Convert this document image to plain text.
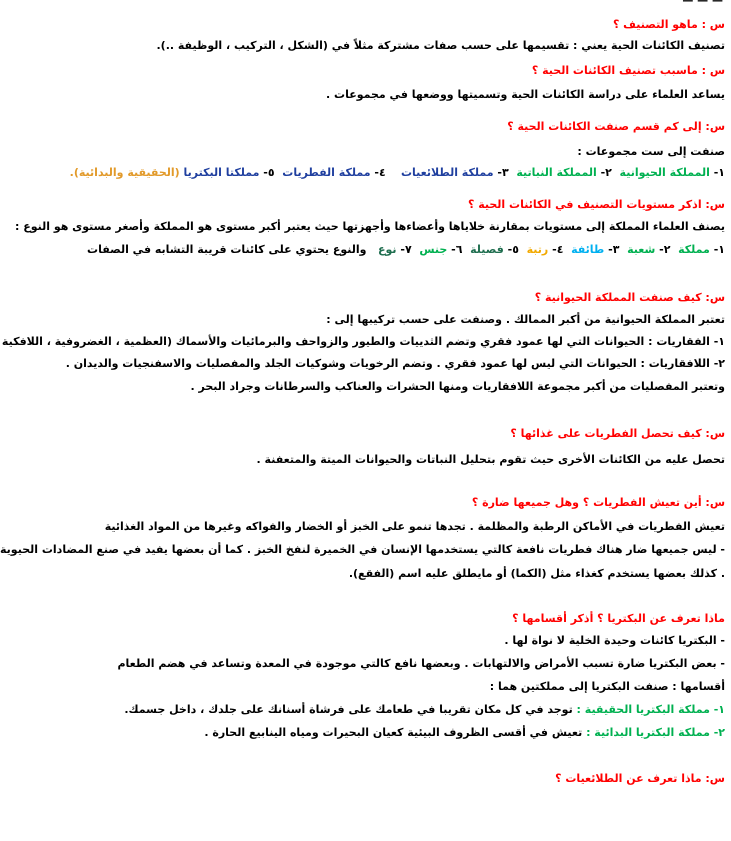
— — —
س : ماهو التصنيف ؟
تصنيف الكائنات الحية يعني : تقسيمها على حسب صفات مشتركة مثلاً في (الشكل ، التركيب ، الوظيفة ..).
س : ماسبب تصنيف الكائنات الحية ؟
يساعد العلماء على دراسة الكائنات الحية وتسميتها ووضعها في مجموعات .
س: إلى كم قسم صنفت الكائنات الحية ؟
صنفت إلى ست مجموعات :
١- المملكة الحيوانية  ٢- المملكة النباتية  ٣- مملكة الطلائعيات    ٤- مملكة الفطريات  ٥- مملكتا البكتريا (الحقيقية والبدائية).
س: اذكر مستويات التصنيف في الكائنات الحية ؟
يصنف العلماء المملكة إلى مستويات بمقارنة خلاياها وأعضاءها وأجهزتها حيث يعتبر أكبر مستوى هو المملكة وأصغر مستوى هو النوع :
١- مملكة  ٢- شعبة  ٣- طائفة  ٤- رتبة  ٥- فصيلة  ٦- جنس  ٧- نوع   والنوع يحتوي على كائنات قريبة التشابه في الصفات
س: كيف صنفت المملكة الحيوانية ؟
تعتبر المملكة الحيوانية من أكبر الممالك . وصنفت على حسب تركيبها إلى :
١- الفقاريات : الحيوانات التي لها عمود فقري وتضم الثدييات والطيور والزواحف والبرمائيات والأسماك (العظمية ، الغضروفية ، اللافكية
٢- اللافقاريات : الحيوانات التي ليس لها عمود فقري . وتضم الرخويات وشوكيات الجلد والمفصليات والاسفنجيات والديدان .
وتعتبر المفصليات من أكبر مجموعة اللافقاريات ومنها الحشرات والعناكب والسرطانات وجراد البحر .
س: كيف تحصل الفطريات على غذائها ؟
تحصل عليه من الكائنات الأخرى حيث تقوم بتحليل النباتات والحيوانات الميتة والمتعفنة .
س: أين تعيش الفطريات ؟ وهل جميعها ضارة ؟
تعيش الفطريات في الأماكن الرطبة والمظلمة . تجدها تنمو على الخبز أو الخضار والفواكه وغيرها من المواد الغذائية
- ليس جميعها ضار هناك فطريات نافعة كالتي يستخدمها الإنسان في الخميرة لنفخ الخبز . كما أن بعضها يفيد في صنع المضادات الحيوية
. كذلك بعضها يستخدم كغذاء مثل (الكما) أو مايطلق عليه اسم (الفقع).
ماذا تعرف عن البكتريا ؟ أذكر أقسامها ؟
- البكتريا كائنات وحيدة الخلية لا نواة لها .
- بعض البكتريا ضارة تسبب الأمراض والالتهابات . وبعضها نافع كالتي موجودة في المعدة وتساعد في هضم الطعام
أقسامها : صنفت البكتريا إلى مملكتين هما :
١- مملكة البكتريا الحقيقية : توجد في كل مكان تقريبا في طعامك على فرشاة أسنانك على جلدك ، داخل جسمك.
٢- مملكة البكتريا البدائية : تعيش في أقسى الظروف البيئية كعيان البحيرات ومياه الينابيع الحارة .
س: ماذا تعرف عن الطلائعيات ؟
